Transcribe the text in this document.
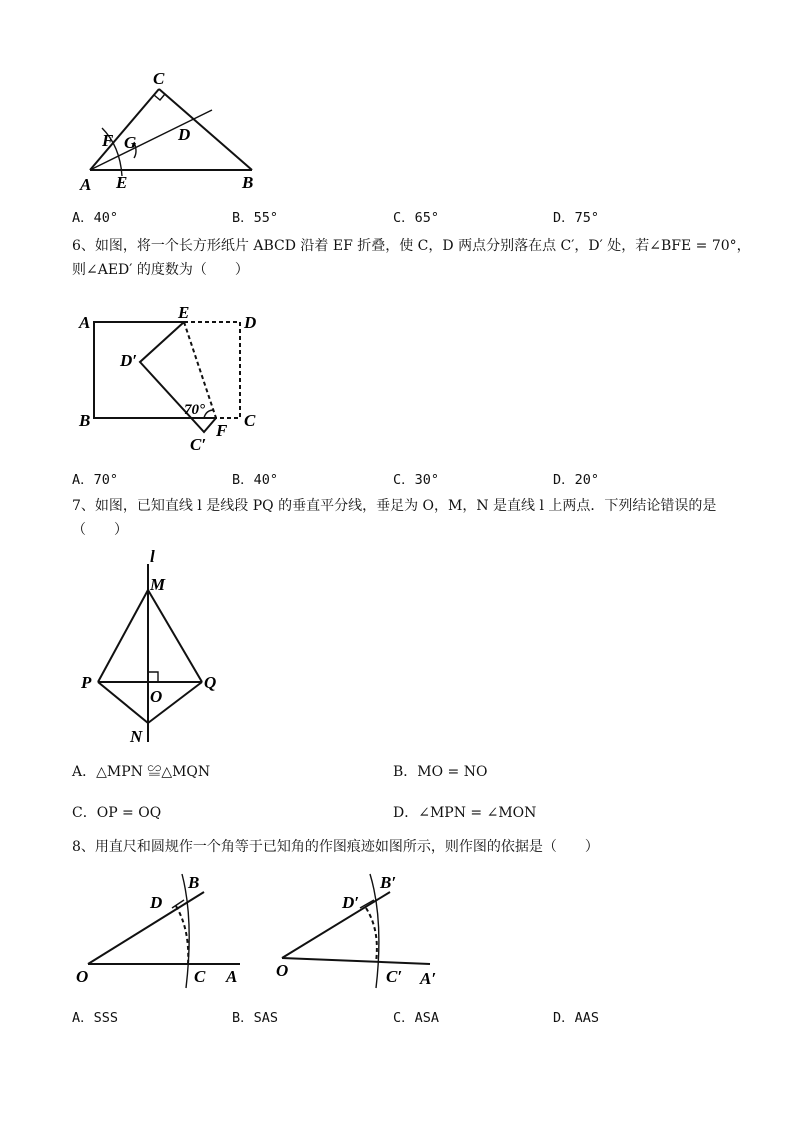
C
F G D
A E	B
A．40°	B．55°	C．65°	D．75°
6、如图，将一个长方形纸片 ABCD 沿着 EF 折叠，使 C，D 两点分别落在点 C′，D′ 处，若∠BFE = 70°，
则∠AED′ 的度数为（　　）
A
E
D
D′
B
70°
C
C′
F
A．70°	B．40°	C．30°	D．20°
7、如图，已知直线 l 是线段 PQ 的垂直平分线，垂足为 O，M，N 是直线 l 上两点．下列结论错误的是
（　　）
l
M
P	Q
O
N
A．△MPN ≌△MQN	B．MO = NO
C．OP = OQ	D．∠MPN = ∠MON
8、用直尺和圆规作一个角等于已知角的作图痕迹如图所示，则作图的依据是（　　）
D
B
O	C A
D′
B′
O	C′ A′
A．SSS	B．SAS	C．ASA	D．AAS
